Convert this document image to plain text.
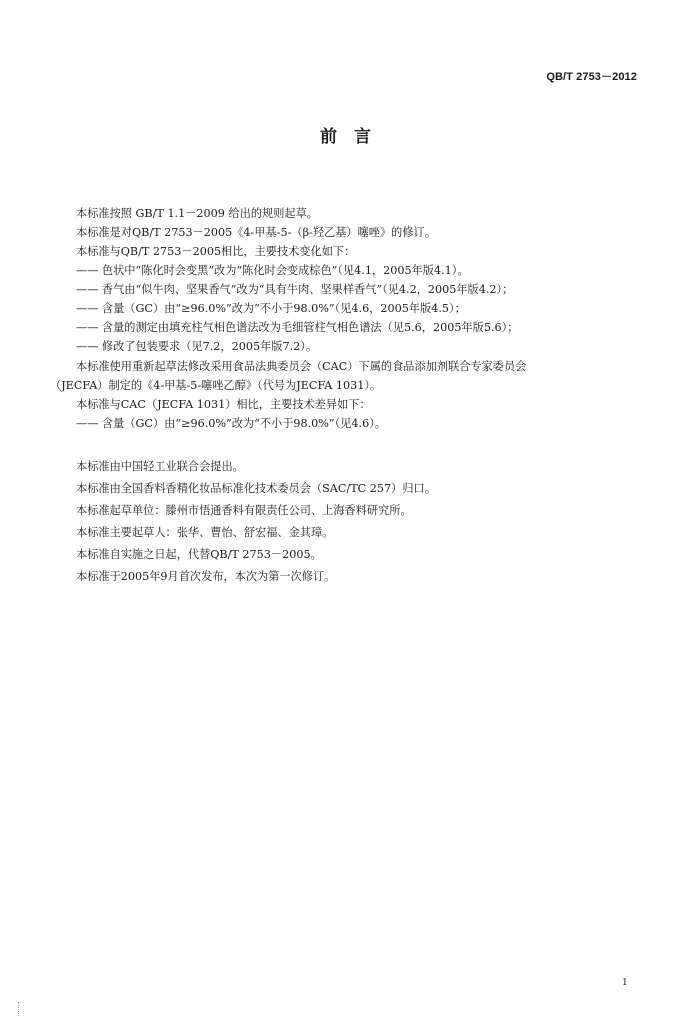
QB/T 2753－2012
前　言
本标准按照 GB/T 1.1－2009 给出的规则起草。
本标准是对QB/T 2753－2005《4-甲基-5-（β-羟乙基）噻唑》的修订。
本标准与QB/T 2753－2005相比，主要技术变化如下：
—— 色状中“陈化时会变黑”改为“陈化时会变成棕色”（见4.1，2005年版4.1）。
—— 香气由“似牛肉、坚果香气”改为“具有牛肉、坚果样香气”（见4.2，2005年版4.2）；
—— 含量（GC）由“≥96.0%”改为“不小于98.0%”（见4.6，2005年版4.5）；
—— 含量的测定由填充柱气相色谱法改为毛细管柱气相色谱法（见5.6，2005年版5.6）；
—— 修改了包装要求（见7.2，2005年版7.2）。
本标准使用重新起草法修改采用食品法典委员会（CAC）下属的食品添加剂联合专家委员会
（JECFA）制定的《4-甲基-5-噻唑乙醇》（代号为JECFA 1031）。
本标准与CAC（JECFA 1031）相比，主要技术差异如下：
—— 含量（GC）由“≥96.0%”改为“不小于98.0%”（见4.6）。
本标准由中国轻工业联合会提出。
本标准由全国香料香精化妆品标准化技术委员会（SAC/TC 257）归口。
本标准起草单位：滕州市悟通香料有限责任公司、上海香料研究所。
本标准主要起草人：张华、曹怡、舒宏福、金其璋。
本标准自实施之日起，代替QB/T 2753－2005。
本标准于2005年9月首次发布，本次为第一次修订。
1
